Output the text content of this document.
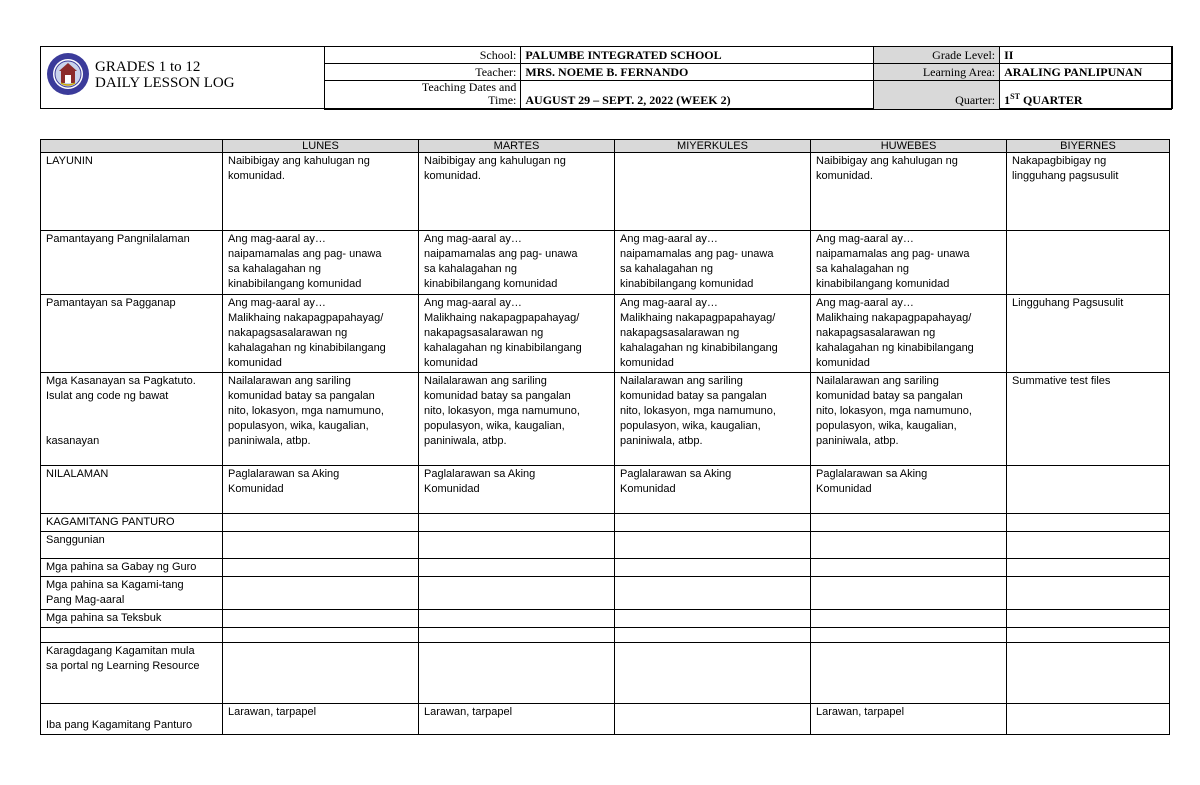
GRADES 1 to 12
DAILY LESSON LOG
School:	PALUMBE INTEGRATED SCHOOL	Grade Level:	II
Teacher:	MRS. NOEME B. FERNANDO	Learning Area:	ARALING PANLIPUNAN

Teaching Dates and
Time:	AUGUST 29 – SEPT. 2, 2022 (WEEK 2)	Quarter:	1ST QUARTER
	LUNES	MARTES	MIYERKULES	HUWEBES	BIYERNES
LAYUNIN	Naibibigay ang kahulugan ng
komunidad.	Naibibigay ang kahulugan ng
komunidad.		Naibibigay ang kahulugan ng
komunidad.	Nakapagbibigay ng
lingguhang pagsusulit
Pamantayang Pangnilalaman	Ang mag-aaral ay…
naipamamalas ang pag- unawa
sa kahalagahan ng
kinabibilangang komunidad	Ang mag-aaral ay…
naipamamalas ang pag- unawa
sa kahalagahan ng
kinabibilangang komunidad	Ang mag-aaral ay…
naipamamalas ang pag- unawa
sa kahalagahan ng
kinabibilangang komunidad	Ang mag-aaral ay…
naipamamalas ang pag- unawa
sa kahalagahan ng
kinabibilangang komunidad	
Pamantayan sa Pagganap	Ang mag-aaral ay…
Malikhaing nakapagpapahayag/
nakapagsasalarawan ng
kahalagahan ng kinabibilangang
komunidad	Ang mag-aaral ay…
Malikhaing nakapagpapahayag/
nakapagsasalarawan ng
kahalagahan ng kinabibilangang
komunidad	Ang mag-aaral ay…
Malikhaing nakapagpapahayag/
nakapagsasalarawan ng
kahalagahan ng kinabibilangang
komunidad	Ang mag-aaral ay…
Malikhaing nakapagpapahayag/
nakapagsasalarawan ng
kahalagahan ng kinabibilangang
komunidad	Lingguhang Pagsusulit
Mga Kasanayan sa Pagkatuto.
Isulat ang code ng bawat

kasanayan	Nailalarawan ang sariling
komunidad batay sa pangalan
nito, lokasyon, mga namumuno,
populasyon, wika, kaugalian,
paniniwala, atbp.	Nailalarawan ang sariling
komunidad batay sa pangalan
nito, lokasyon, mga namumuno,
populasyon, wika, kaugalian,
paniniwala, atbp.	Nailalarawan ang sariling
komunidad batay sa pangalan
nito, lokasyon, mga namumuno,
populasyon, wika, kaugalian,
paniniwala, atbp.	Nailalarawan ang sariling
komunidad batay sa pangalan
nito, lokasyon, mga namumuno,
populasyon, wika, kaugalian,
paniniwala, atbp.	Summative test files
NILALAMAN	Paglalarawan sa Aking
Komunidad	Paglalarawan sa Aking
Komunidad	Paglalarawan sa Aking
Komunidad	Paglalarawan sa Aking
Komunidad	
KAGAMITANG PANTURO					
Sanggunian					
Mga pahina sa Gabay ng Guro					
Mga pahina sa Kagami-tang
Pang Mag-aaral					
Mga pahina sa Teksbuk					

Karagdagang Kagamitan mula
sa portal ng Learning Resource					
Iba pang Kagamitang Panturo	Larawan, tarpapel	Larawan, tarpapel		Larawan, tarpapel	
